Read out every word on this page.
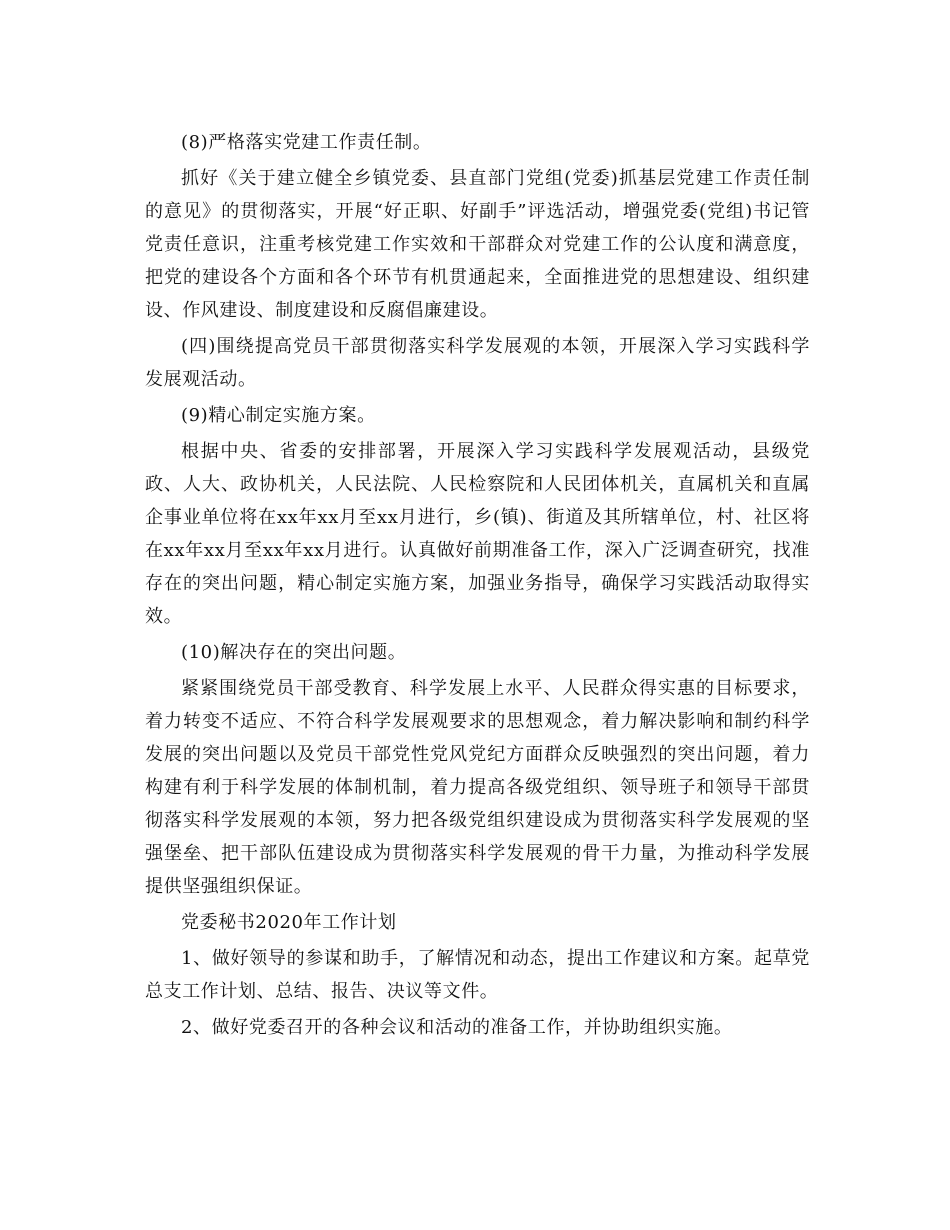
(8)严格落实党建工作责任制。

抓好《关于建立健全乡镇党委、县直部门党组(党委)抓基层党建工作责任制的意见》的贯彻落实，开展“好正职、好副手”评选活动，增强党委(党组)书记管党责任意识，注重考核党建工作实效和干部群众对党建工作的公认度和满意度，把党的建设各个方面和各个环节有机贯通起来，全面推进党的思想建设、组织建设、作风建设、制度建设和反腐倡廉建设。

(四)围绕提高党员干部贯彻落实科学发展观的本领，开展深入学习实践科学发展观活动。

(9)精心制定实施方案。

根据中央、省委的安排部署，开展深入学习实践科学发展观活动，县级党政、人大、政协机关，人民法院、人民检察院和人民团体机关，直属机关和直属企事业单位将在xx年xx月至xx月进行，乡(镇)、街道及其所辖单位，村、社区将在xx年xx月至xx年xx月进行。认真做好前期准备工作，深入广泛调查研究，找准存在的突出问题，精心制定实施方案，加强业务指导，确保学习实践活动取得实效。

(10)解决存在的突出问题。

紧紧围绕党员干部受教育、科学发展上水平、人民群众得实惠的目标要求，着力转变不适应、不符合科学发展观要求的思想观念，着力解决影响和制约科学发展的突出问题以及党员干部党性党风党纪方面群众反映强烈的突出问题，着力构建有利于科学发展的体制机制，着力提高各级党组织、领导班子和领导干部贯彻落实科学发展观的本领，努力把各级党组织建设成为贯彻落实科学发展观的坚强堡垒、把干部队伍建设成为贯彻落实科学发展观的骨干力量，为推动科学发展提供坚强组织保证。

党委秘书2020年工作计划

1、做好领导的参谋和助手，了解情况和动态，提出工作建议和方案。起草党总支工作计划、总结、报告、决议等文件。

2、做好党委召开的各种会议和活动的准备工作，并协助组织实施。
